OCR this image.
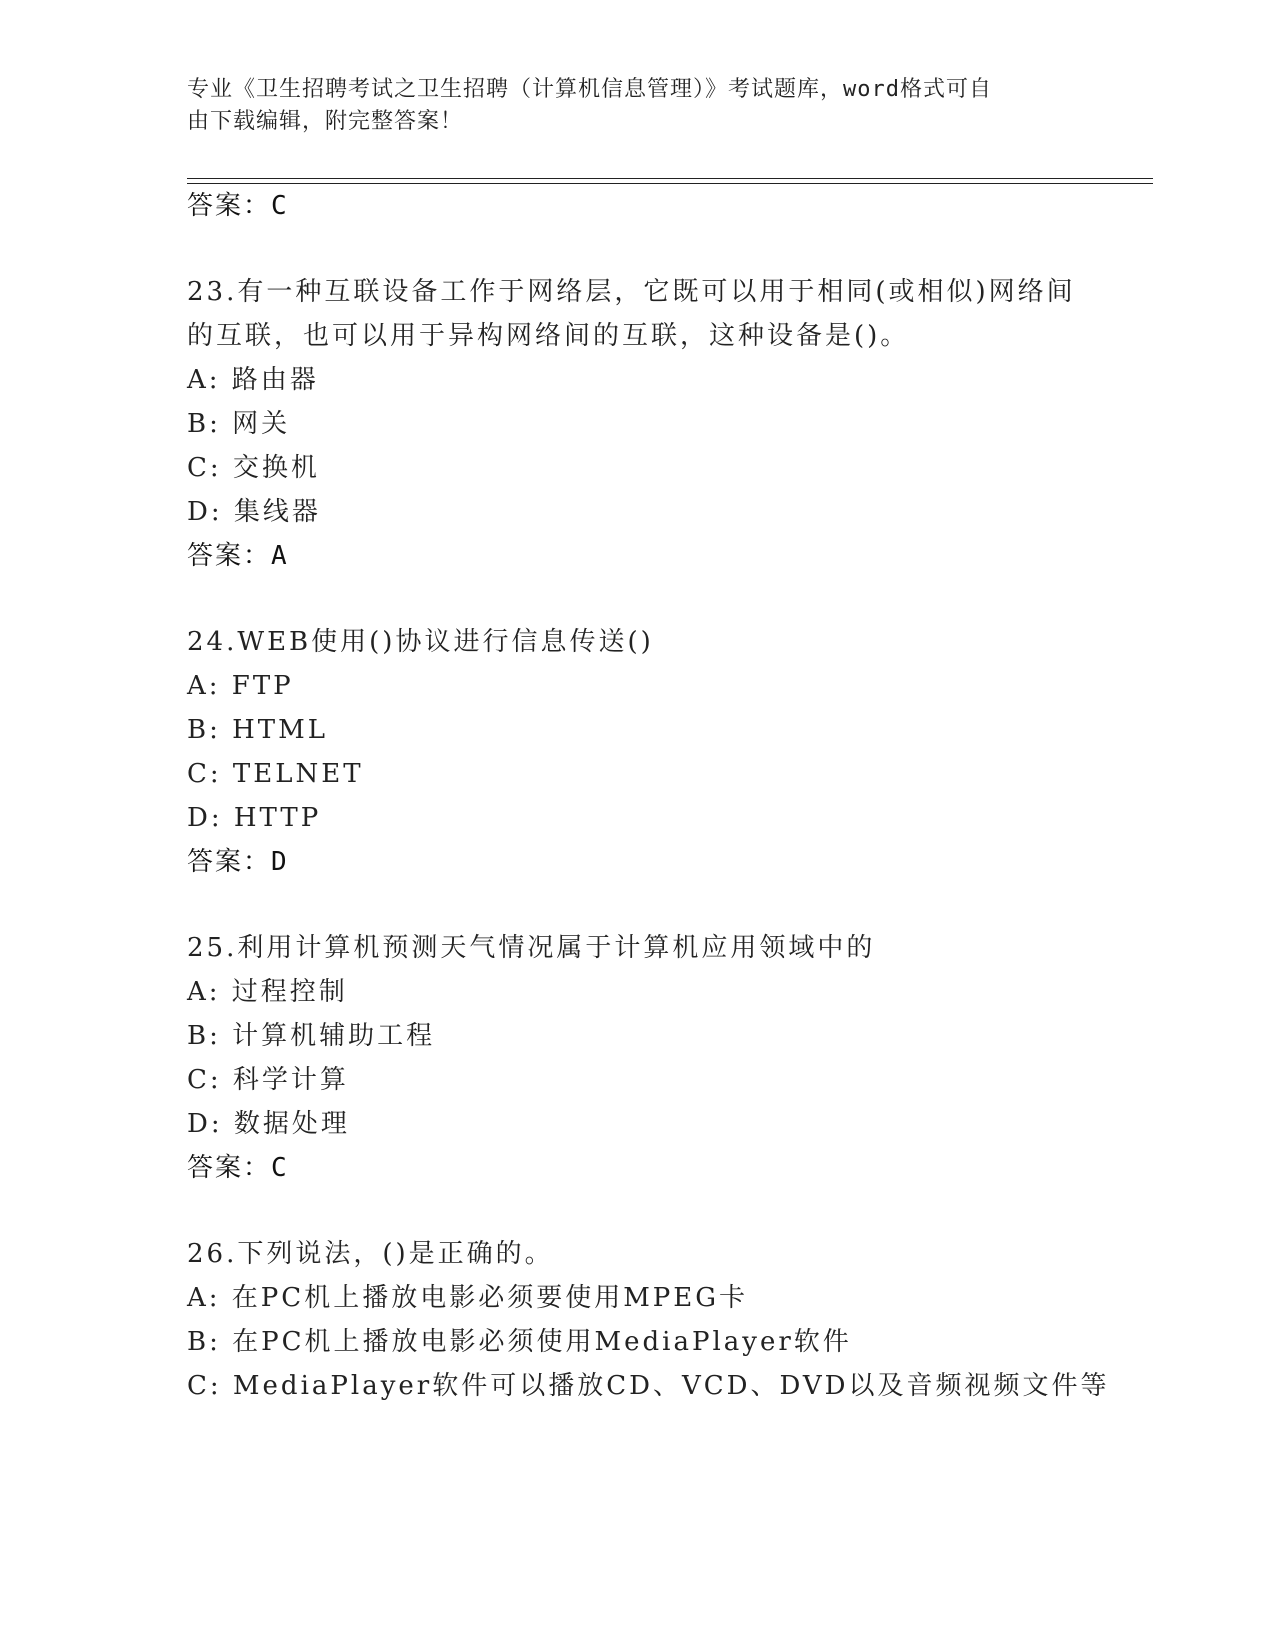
专业《卫生招聘考试之卫生招聘（计算机信息管理）》考试题库，word格式可自
由下载编辑，附完整答案！
答案：C
23.有一种互联设备工作于网络层，它既可以用于相同(或相似)网络间
的互联，也可以用于异构网络间的互联，这种设备是()。
A: 路由器
B: 网关
C: 交换机
D: 集线器
答案：A
24.WEB使用()协议进行信息传送()
A: FTP
B: HTML
C: TELNET
D: HTTP
答案：D
25.利用计算机预测天气情况属于计算机应用领域中的
A: 过程控制
B: 计算机辅助工程
C: 科学计算
D: 数据处理
答案：C
26.下列说法，()是正确的。
A: 在PC机上播放电影必须要使用MPEG卡
B: 在PC机上播放电影必须使用MediaPlayer软件
C: MediaPlayer软件可以播放CD、VCD、DVD以及音频视频文件等
